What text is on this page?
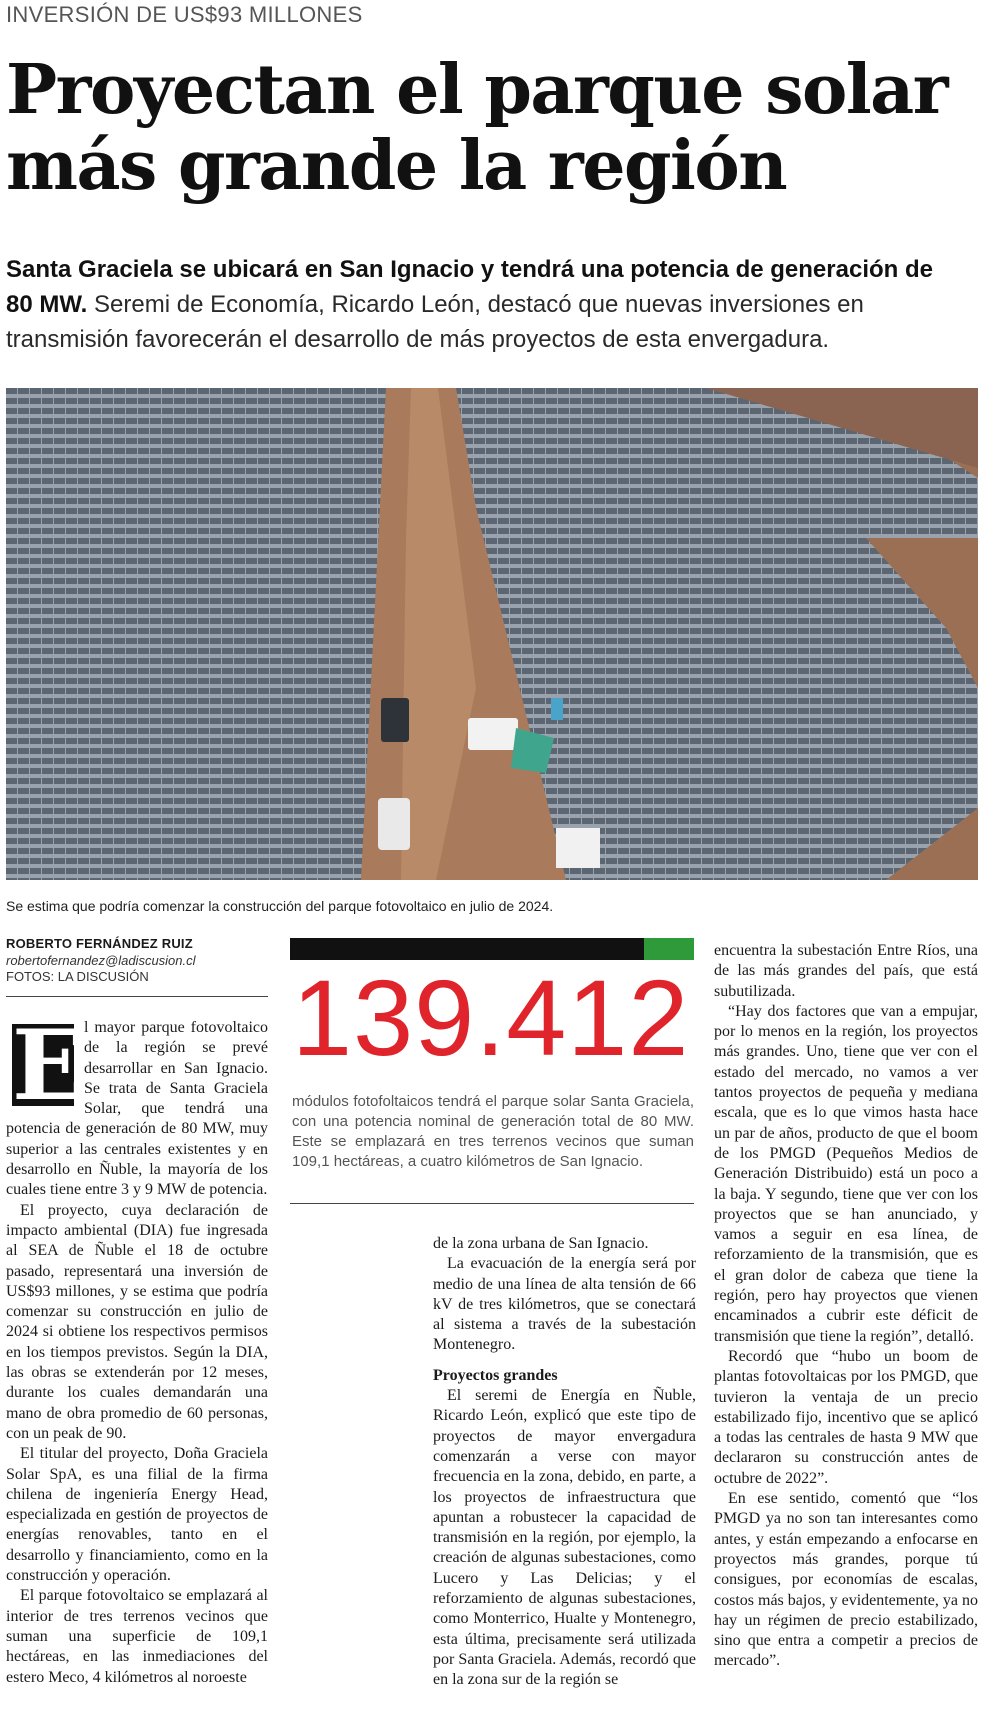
INVERSIÓN DE US$93 MILLONES
Proyectan el parque solar más grande la región

Santa Graciela se ubicará en San Ignacio y tendrá una potencia de generación de 80 MW. Seremi de Economía, Ricardo León, destacó que nuevas inversiones en transmisión favorecerán el desarrollo de más proyectos de esta envergadura.

Se estima que podría comenzar la construcción del parque fotovoltaico en julio de 2024.
ROBERTO FERNÁNDEZ RUIZ
robertofernandez@ladiscusion.cl
FOTOS: LA DISCUSIÓN	139.412
módulos fotofoltaicos tendrá el parque solar Santa Graciela, con una potencia nominal de generación total de 80 MW. Este se emplazará en tres terrenos vecinos que suman 109,1 hectáreas, a cuatro kilómetros de San Ignacio.
E

l mayor parque fotovoltaico de la región se prevé desarrollar en San Ignacio. Se trata de Santa Graciela Solar, que tendrá una potencia de generación de 80 MW, muy superior a las centrales existentes y en desarrollo en Ñuble, la mayoría de los cuales tiene entre 3 y 9 MW de potencia.

El proyecto, cuya declaración de impacto ambiental (DIA) fue ingresada al SEA de Ñuble el 18 de octubre pasado, representará una inversión de US$93 millones, y se estima que podría comenzar su construcción en julio de 2024 si obtiene los respectivos permisos en los tiempos previstos. Según la DIA, las obras se extenderán por 12 meses, durante los cuales demandarán una mano de obra promedio de 60 personas, con un peak de 90.

El titular del proyecto, Doña Graciela Solar SpA, es una filial de la firma chilena de ingeniería Energy Head, especializada en gestión de proyectos de energías renovables, tanto en el desarrollo y financiamiento, como en la construcción y operación.

El parque fotovoltaico se emplazará al interior de tres terrenos vecinos que suman una superficie de 109,1 hectáreas, en las inmediaciones del estero Meco, 4 kilómetros al noroeste

de la zona urbana de San Ignacio.

La evacuación de la energía será por medio de una línea de alta tensión de 66 kV de tres kilómetros, que se conectará al sistema a través de la subestación Montenegro.

Proyectos grandes

El seremi de Energía en Ñuble, Ricardo León, explicó que este tipo de proyectos de mayor envergadura comenzarán a verse con mayor frecuencia en la zona, debido, en parte, a los proyectos de infraestructura que apuntan a robustecer la capacidad de transmisión en la región, por ejemplo, la creación de algunas subestaciones, como Lucero y Las Delicias; y el reforzamiento de algunas subestaciones, como Monterrico, Hualte y Montenegro, esta última, precisamente será utilizada por Santa Graciela. Además, recordó que en la zona sur de la región se

encuentra la subestación Entre Ríos, una de las más grandes del país, que está subutilizada.

“Hay dos factores que van a empujar, por lo menos en la región, los proyectos más grandes. Uno, tiene que ver con el estado del mercado, no vamos a ver tantos proyectos de pequeña y mediana escala, que es lo que vimos hasta hace un par de años, producto de que el boom de los PMGD (Pequeños Medios de Generación Distribuido) está un poco a la baja. Y segundo, tiene que ver con los proyectos que se han anunciado, y vamos a seguir en esa línea, de reforzamiento de la transmisión, que es el gran dolor de cabeza que tiene la región, pero hay proyectos que vienen encaminados a cubrir este déficit de transmisión que tiene la región”, detalló.

Recordó que “hubo un boom de plantas fotovoltaicas por los PMGD, que tuvieron la ventaja de un precio estabilizado fijo, incentivo que se aplicó a todas las centrales de hasta 9 MW que declararon su construcción antes de octubre de 2022”.

En ese sentido, comentó que “los PMGD ya no son tan interesantes como antes, y están empezando a enfocarse en proyectos más grandes, porque tú consigues, por economías de escalas, costos más bajos, y evidentemente, ya no hay un régimen de precio estabilizado, sino que entra a competir a precios de mercado”.
